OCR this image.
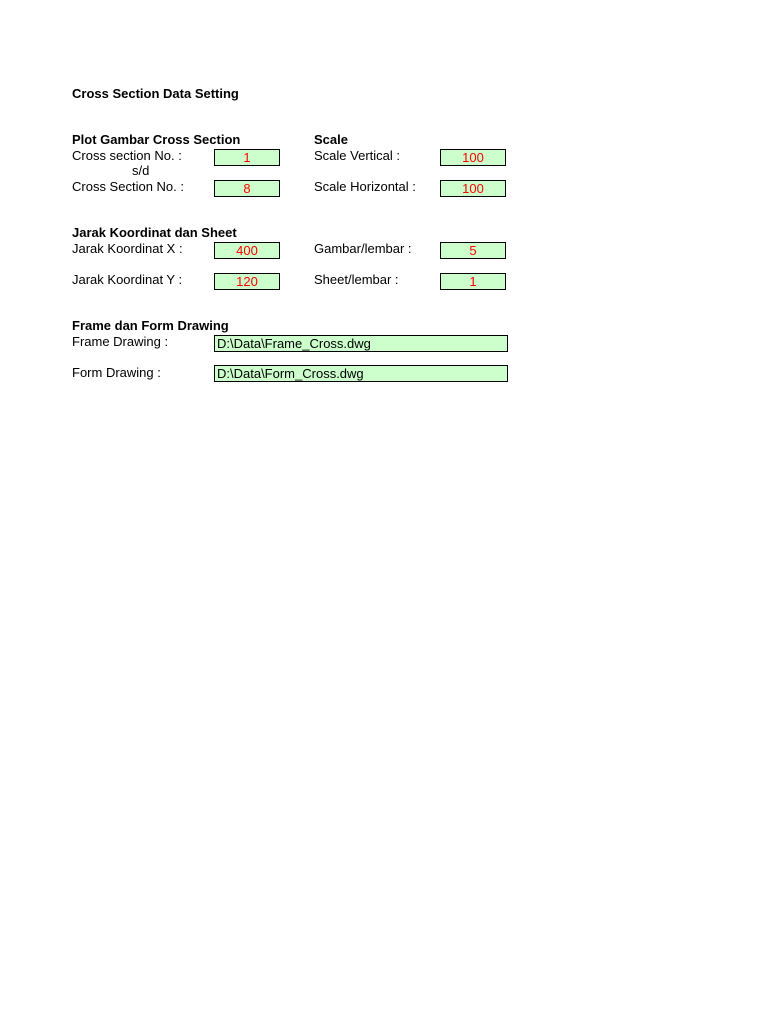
Cross Section Data Setting
Plot Gambar Cross Section
Cross section No. :
1
s/d
Cross Section No. :
8
Scale
Scale Vertical :
100
Scale Horizontal :
100
Jarak Koordinat dan Sheet
Jarak Koordinat X :
400
Jarak Koordinat Y :
120
Gambar/lembar :
5
Sheet/lembar :
1
Frame dan Form Drawing
Frame Drawing :
D:\Data\Frame_Cross.dwg
Form Drawing :
D:\Data\Form_Cross.dwg
